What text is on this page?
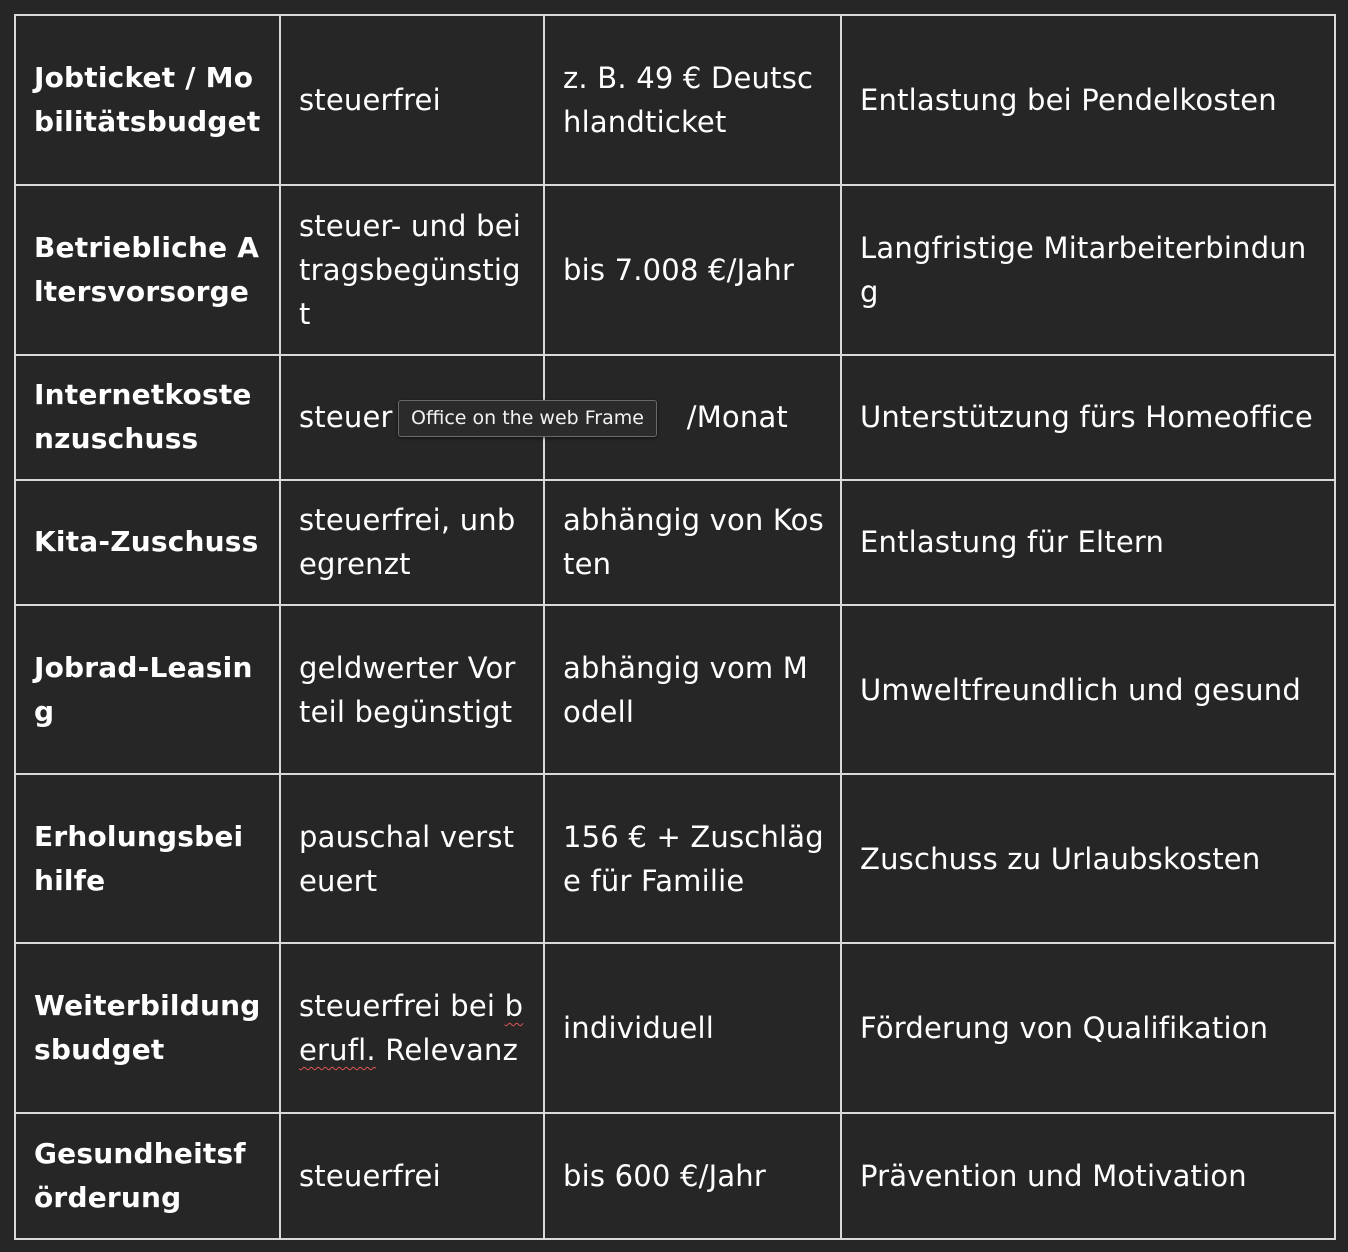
Jobticket / Mobilitätsbudget	steuerfrei	z. B. 49 € Deutschlandticket	Entlastung bei Pendelkosten
Betriebliche Altersvorsorge	steuer- und beitragsbegünstigt	bis 7.008 €/Jahr	Langfristige Mitarbeiterbindung
Internetkostenzuschuss	steuer	/Monat	Unterstützung fürs Homeoffice
Kita-Zuschuss	steuerfrei, unbegrenzt	abhängig von Kosten	Entlastung für Eltern
Jobrad-Leasing	geldwerter Vorteil begünstigt	abhängig vom Modell	Umweltfreundlich und gesund
Erholungsbeihilfe	pauschal versteuert	156 € + Zuschläge für Familie	Zuschuss zu Urlaubskosten
Weiterbildungsbudget	steuerfrei bei berufl. Relevanz	individuell	Förderung von Qualifikation
Gesundheitsförderung	steuerfrei	bis 600 €/Jahr	Prävention und Motivation
Office on the web Frame
